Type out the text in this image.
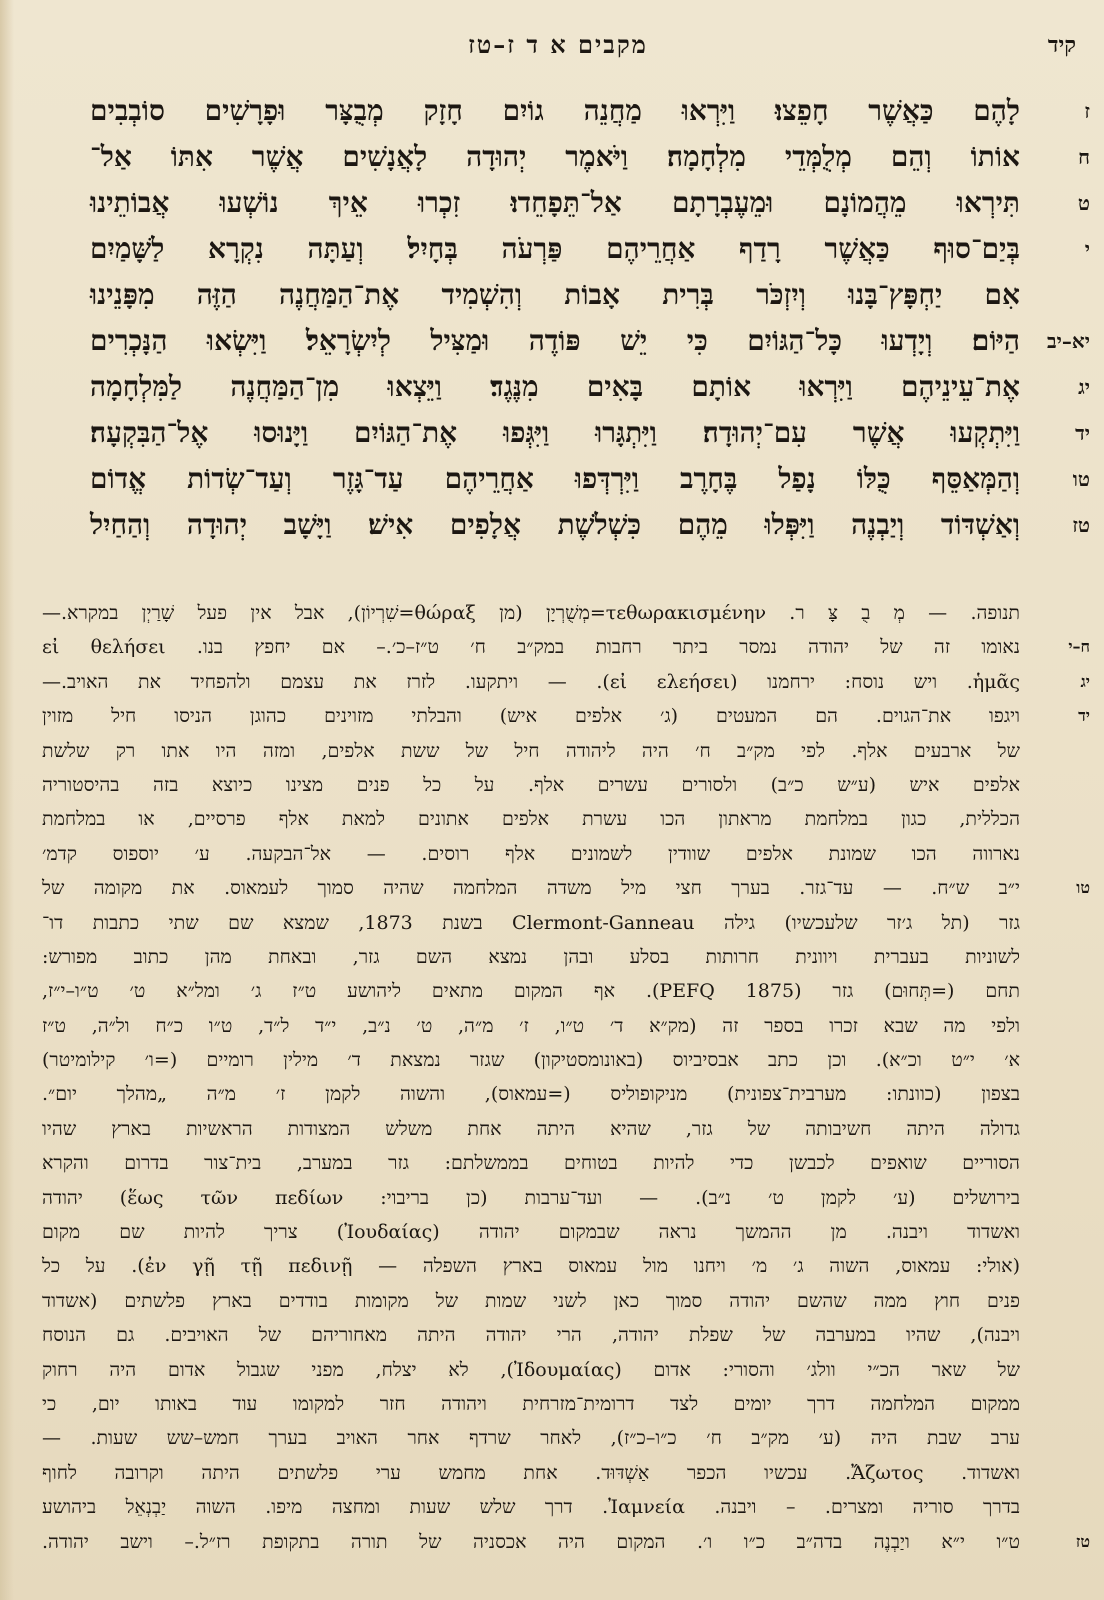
קיד
מקבים א ד ז–טז
ז
לָהֶם כַּאֲשֶׁר חָפֵצוּ׃ וַיִּרְאוּ מַחֲנֵה גוֹיִם חָזָק מְבֻצָּר וּפָרָשִׁים סוֹבְבִים
ח
אוֹתוֹ וְהֵם מְלֻמְּדֵי מִלְחָמָה׃ וַיֹּאמֶר יְהוּדָה לָאֲנָשִׁים אֲשֶׁר אִתּוֹ אַל־
ט
תִּירְאוּ מֵהֲמוֹנָם וּמֵעֶבְרָתָם אַל־תֵּפָחֵדוּ׃ זִכְרוּ אֵיךְ נוֹשְׁעוּ אֲבוֹתֵינוּ
י
בְּיַם־סוּף כַּאֲשֶׁר רָדַף אַחֲרֵיהֶם פַּרְעֹה בְּחָיִל׃ וְעַתָּה נִקְרָא לַשָּׁמַיִם
אִם יַחְפָּץ־בָּנוּ וְיִזְכֹּר בְּרִית אָבוֹת וְהִשְׁמִיד אֶת־הַמַּחֲנֶה הַזֶּה מִפָּנֵינוּ
יא–יב
הַיּוֹם׃ וְיָדְעוּ כָּל־הַגּוֹיִם כִּי יֵשׁ פּוֹדֶה וּמַצִּיל לְיִשְׂרָאֵל׃ וַיִּשְׂאוּ הַנָּכְרִים
יג
אֶת־עֵינֵיהֶם וַיִּרְאוּ אוֹתָם בָּאִים מִנֶּגֶד׃ וַיֵּצְאוּ מִן־הַמַּחֲנֶה לַמִּלְחָמָה
יד
וַיִּתְקְעוּ אֲשֶׁר עִם־יְהוּדָה׃ וַיִּתְגָּרוּ וַיִּגְּפוּ אֶת־הַגּוֹיִם וַיָּנוּסוּ אֶל־הַבִּקְעָה׃
טו
וְהַמְּאַסֵּף כֻּלּוֹ נָפַל בֶּחָרֶב וַיִּרְדְּפוּ אַחֲרֵיהֶם עַד־גָּזֶר וְעַד־שְׂדוֹת אֱדוֹם
טז
וְאַשְׁדּוֹד וְיַבְנֶה וַיִּפְּלוּ מֵהֶם כִּשְׁלֹשֶׁת אֲלָפִים אִישׁ׃ וַיָּשָׁב יְהוּדָה וְהַחַיִל
תנופה. — מְ בֻ צָּ ר. τεθωρακισμένην=מְשֻׁרְיָן (מן θώραξ=שִׁרְיוֹן), אבל אין פעל שָׁרַיְן במקרא.—
ח–י
נאומו זה של יהודה נמסר ביתר רחבות במק״ב ח׳ ט״ז–כ׳.– אם יחפץ בנו. εἰ θελήσει
יג
ἡμᾶς. ויש נוסח: ירחמנו (εἰ ελεήσει). — ויתקעו. לזרז את עצמם ולהפחיד את האויב.—
יד
ויגפו את־הגוים. הם המעטים (ג׳ אלפים איש) והבלתי מזוינים כהוגן הניסו חיל מזוין
של ארבעים אלף. לפי מק״ב ח׳ היה ליהודה חיל של ששת אלפים, ומזה היו אתו רק שלשת
אלפים איש (ע״ש כ״ב) ולסורים עשרים אלף. על כל פנים מצינו כיוצא בזה בהיסטוריה
הכללית, כגון במלחמת מראתון הכו עשרת אלפים אתונים למאת אלף פרסיים, או במלחמת
נארווה הכו שמונת אלפים שוודין לשמונים אלף רוסים. — אל־הבקעה. ע׳ יוספוס קדמ׳
טו
י״ב ש״ח. — עד־גזר. בערך חצי מיל משדה המלחמה שהיה סמוך לעמאוס. את מקומה של
גזר (תל ג׳זר שלעכשיו) גילה Clermont-Ganneau בשנת 1873, שמצא שם שתי כתבות דו־
לשוניות בעברית ויוונית חרותות בסלע ובהן נמצא השם גזר, ובאחת מהן כתוב מפורש:
תחם (=תְּחוּם) גזר (PEFQ 1875). אף המקום מתאים ליהושע ט״ז ג׳ ומל״א ט׳ ט״ו–י״ז,
ולפי מה שבא זכרו בספר זה (מק״א ד׳ ט״ו, ז׳ מ״ה, ט׳ נ״ב, י״ד ל״ד, ט״ו כ״ח ול״ה, ט״ז
א׳ י״ט וכ״א). וכן כתב אבסיביוס (באונומסטיקון) שגזר נמצאת ד׳ מילין רומיים (=ו׳ קילומיטר)
בצפון (כוונתו: מערבית־צפונית) מניקופוליס (=עמאוס), והשוה לקמן ז׳ מ״ה „מהלך יום״.
גדולה היתה חשיבותה של גזר, שהיא היתה אחת משלש המצודות הראשיות בארץ שהיו
הסוריים שואפים לכבשן כדי להיות בטוחים בממשלתם: גזר במערב, בית־צור בדרום והקרא
בירושלים (ע׳ לקמן ט׳ נ״ב). — ועד־ערבות (כן בריבוי: ἕως τῶν πεδίων) יהודה
ואשדוד ויבנה. מן ההמשך נראה שבמקום יהודה (Ἰουδαίας) צריך להיות שם מקום
(אולי: עמאוס, השוה ג׳ מ׳ ויחנו מול עמאוס בארץ השפלה — ἐν γῇ τῇ πεδινῇ). על כל
פנים חוץ ממה שהשם יהודה סמוך כאן לשני שמות של מקומות בודדים בארץ פלשתים (אשדוד
ויבנה), שהיו במערבה של שפלת יהודה, הרי יהודה היתה מאחוריהם של האויבים. גם הנוסח
של שאר הכ״י וולג׳ והסורי: אדום (Ἰδουμαίας), לא יצלח, מפני שגבול אדום היה רחוק
ממקום המלחמה דרך יומים לצד דרומית־מזרחית ויהודה חזר למקומו עוד באותו יום, כי
ערב שבת היה (ע׳ מק״ב ח׳ כ״ו–כ״ז), לאחר שרדף אחר האויב בערך חמש–שש שעות. —
ואשדוד. Ἄζωτος. עכשיו הכפר אַשְׁדּוּד. אחת מחמש ערי פלשתים היתה וקרובה לחוף
בדרך סוריה ומצרים. – ויבנה. Ἰαμνεία. דרך שלש שעות ומחצה מיפו. השוה יַבְנְאֵל ביהושע
טז
ט״ו י״א ויַבְנֶה בדה״ב כ״ו ו׳. המקום היה אכסניה של תורה בתקופת רז״ל.– וישב יהודה.
